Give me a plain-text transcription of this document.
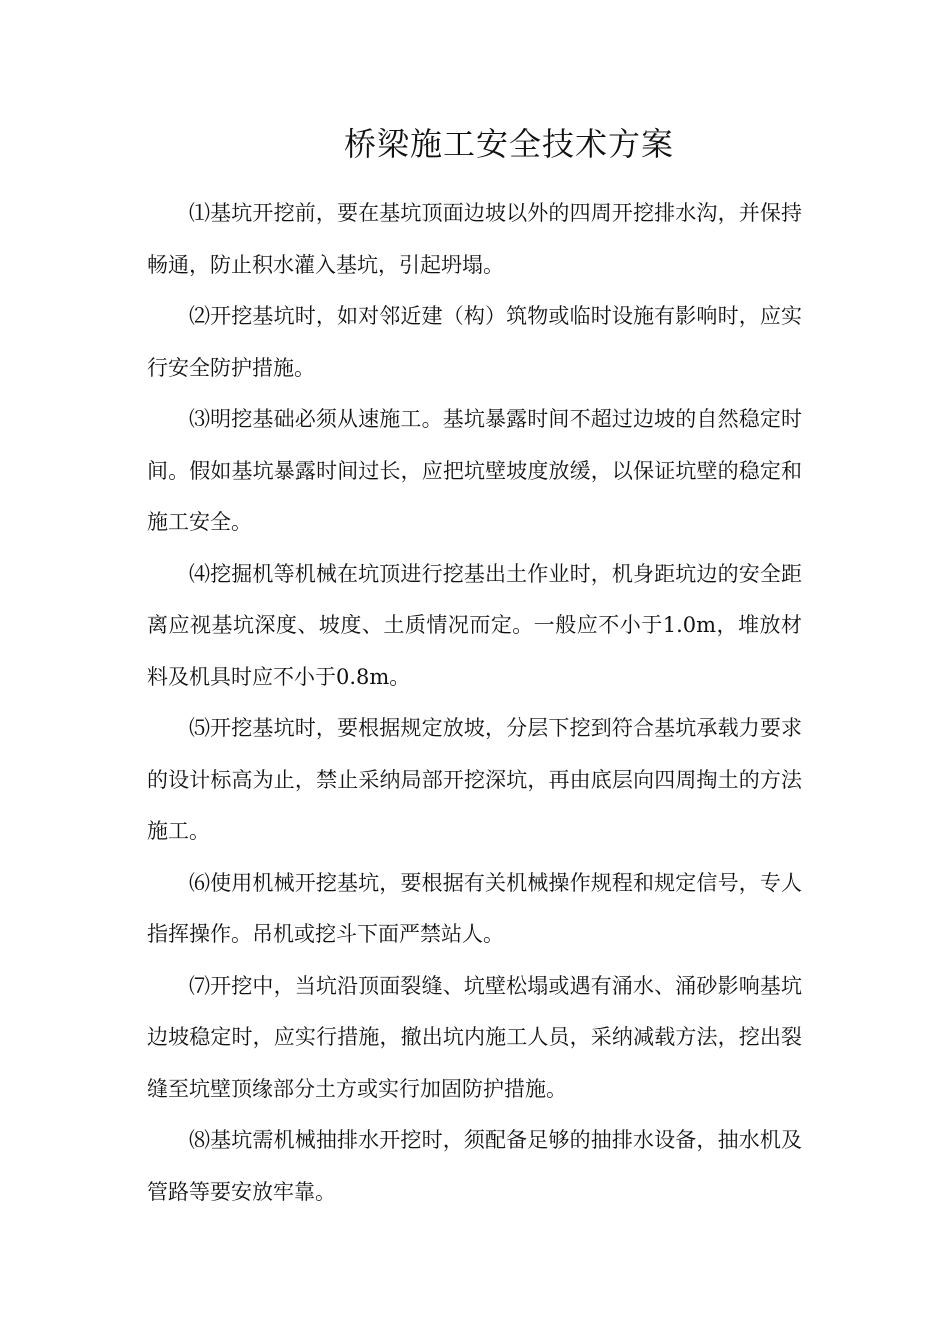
桥梁施工安全技术方案

⑴基坑开挖前，要在基坑顶面边坡以外的四周开挖排水沟，并保持畅通，防止积水灌入基坑，引起坍塌。

⑵开挖基坑时，如对邻近建（构）筑物或临时设施有影响时，应实行安全防护措施。

⑶明挖基础必须从速施工。基坑暴露时间不超过边坡的自然稳定时间。假如基坑暴露时间过长，应把坑壁坡度放缓，以保证坑壁的稳定和施工安全。

⑷挖掘机等机械在坑顶进行挖基出土作业时，机身距坑边的安全距离应视基坑深度、坡度、土质情况而定。一般应不小于1.0m，堆放材料及机具时应不小于0.8m。

⑸开挖基坑时，要根据规定放坡，分层下挖到符合基坑承载力要求的设计标高为止，禁止采纳局部开挖深坑，再由底层向四周掏土的方法施工。

⑹使用机械开挖基坑，要根据有关机械操作规程和规定信号，专人指挥操作。吊机或挖斗下面严禁站人。

⑺开挖中，当坑沿顶面裂缝、坑壁松塌或遇有涌水、涌砂影响基坑边坡稳定时，应实行措施，撤出坑内施工人员，采纳减载方法，挖出裂缝至坑壁顶缘部分土方或实行加固防护措施。

⑻基坑需机械抽排水开挖时，须配备足够的抽排水设备，抽水机及管路等要安放牢靠。
